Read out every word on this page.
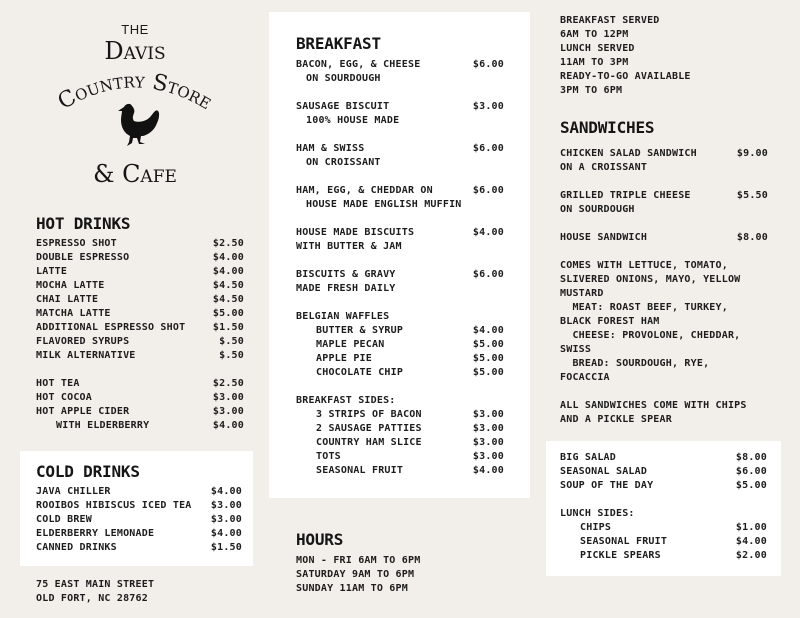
THE
Davis
Country Store
& Cafe
HOT DRINKS
ESPRESSO SHOT	$2.50
DOUBLE ESPRESSO	$4.00
LATTE	$4.00
MOCHA LATTE	$4.50
CHAI LATTE	$4.50
MATCHA LATTE	$5.00
ADDITIONAL ESPRESSO SHOT	$1.50
FLAVORED SYRUPS	$.50
MILK ALTERNATIVE	$.50
HOT TEA	$2.50
HOT COCOA	$3.00
HOT APPLE CIDER	$3.00
WITH ELDERBERRY	$4.00
COLD DRINKS
JAVA CHILLER	$4.00
ROOIBOS HIBISCUS ICED TEA $3.00
COLD BREW	$3.00
ELDERBERRY LEMONADE	$4.00
CANNED DRINKS	$1.50
75 EAST MAIN STREET
OLD FORT, NC 28762
BREAKFAST
BACON, EGG, & CHEESE	$6.00
ON SOURDOUGH
SAUSAGE BISCUIT	$3.00
100% HOUSE MADE
HAM & SWISS	$6.00
ON CROISSANT
HAM, EGG, & CHEDDAR ON	$6.00
HOUSE MADE ENGLISH MUFFIN
HOUSE MADE BISCUITS	$4.00
WITH BUTTER & JAM
BISCUITS & GRAVY	$6.00
MADE FRESH DAILY
BELGIAN WAFFLES
BUTTER & SYRUP	$4.00
MAPLE PECAN	$5.00
APPLE PIE	$5.00
CHOCOLATE CHIP	$5.00
BREAKFAST SIDES:
3 STRIPS OF BACON	$3.00
2 SAUSAGE PATTIES	$3.00
COUNTRY HAM SLICE	$3.00
TOTS	$3.00
SEASONAL FRUIT	$4.00
HOURS
MON - FRI 6AM TO 6PM
SATURDAY 9AM TO 6PM
SUNDAY 11AM TO 6PM
BREAKFAST SERVED
6AM TO 12PM
LUNCH SERVED
11AM TO 3PM
READY-TO-GO AVAILABLE
3PM TO 6PM
SANDWICHES
CHICKEN SALAD SANDWICH	$9.00
ON A CROISSANT
GRILLED TRIPLE CHEESE	$5.50
ON SOURDOUGH
HOUSE SANDWICH	$8.00
COMES WITH LETTUCE, TOMATO,
SLIVERED ONIONS, MAYO, YELLOW
MUSTARD
MEAT: ROAST BEEF, TURKEY,
BLACK FOREST HAM
CHEESE: PROVOLONE, CHEDDAR,
SWISS
BREAD: SOURDOUGH, RYE,
FOCACCIA
ALL SANDWICHES COME WITH CHIPS
AND A PICKLE SPEAR
BIG SALAD	$8.00
SEASONAL SALAD	$6.00
SOUP OF THE DAY	$5.00
LUNCH SIDES:
CHIPS	$1.00
SEASONAL FRUIT	$4.00
PICKLE SPEARS	$2.00
